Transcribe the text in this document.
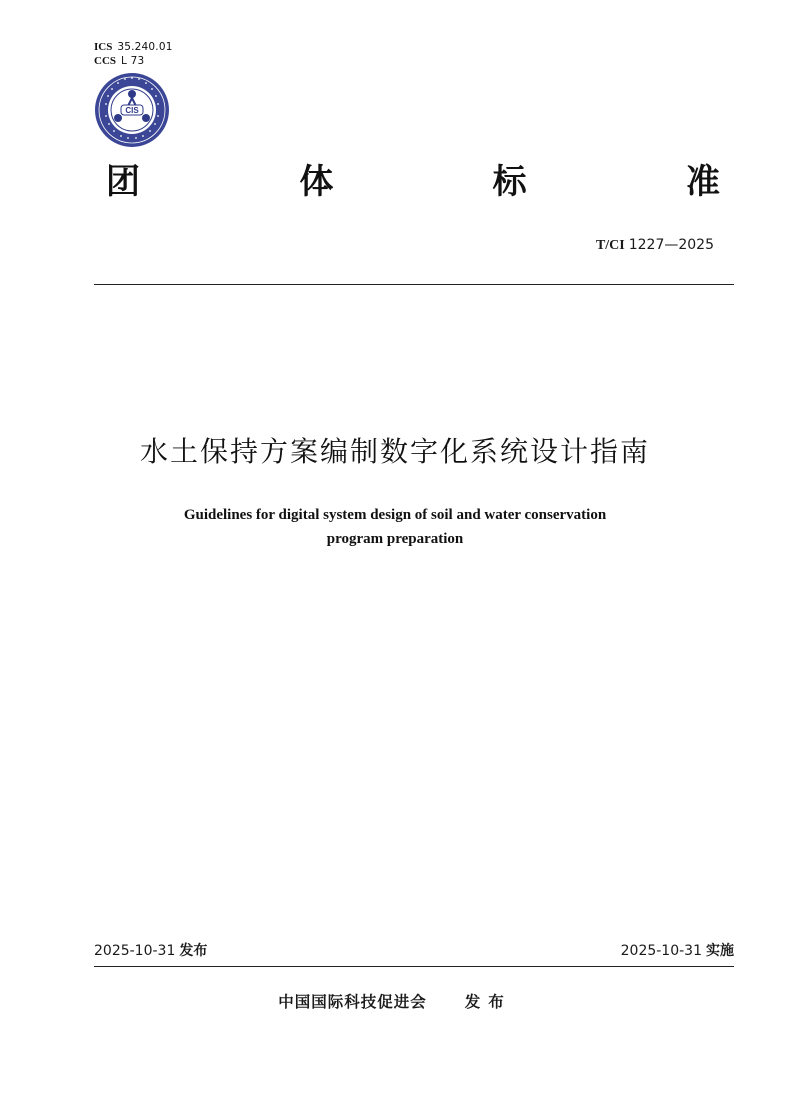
ICS 35.240.01
CCS L 73
CIS
团	体	标	准
T/CI 1227—2025
水土保持方案编制数字化系统设计指南
Guidelines for digital system design of soil and water conservation
program preparation
2025-10-31 发布	2025-10-31 实施
中国国际科技促进会 发布
